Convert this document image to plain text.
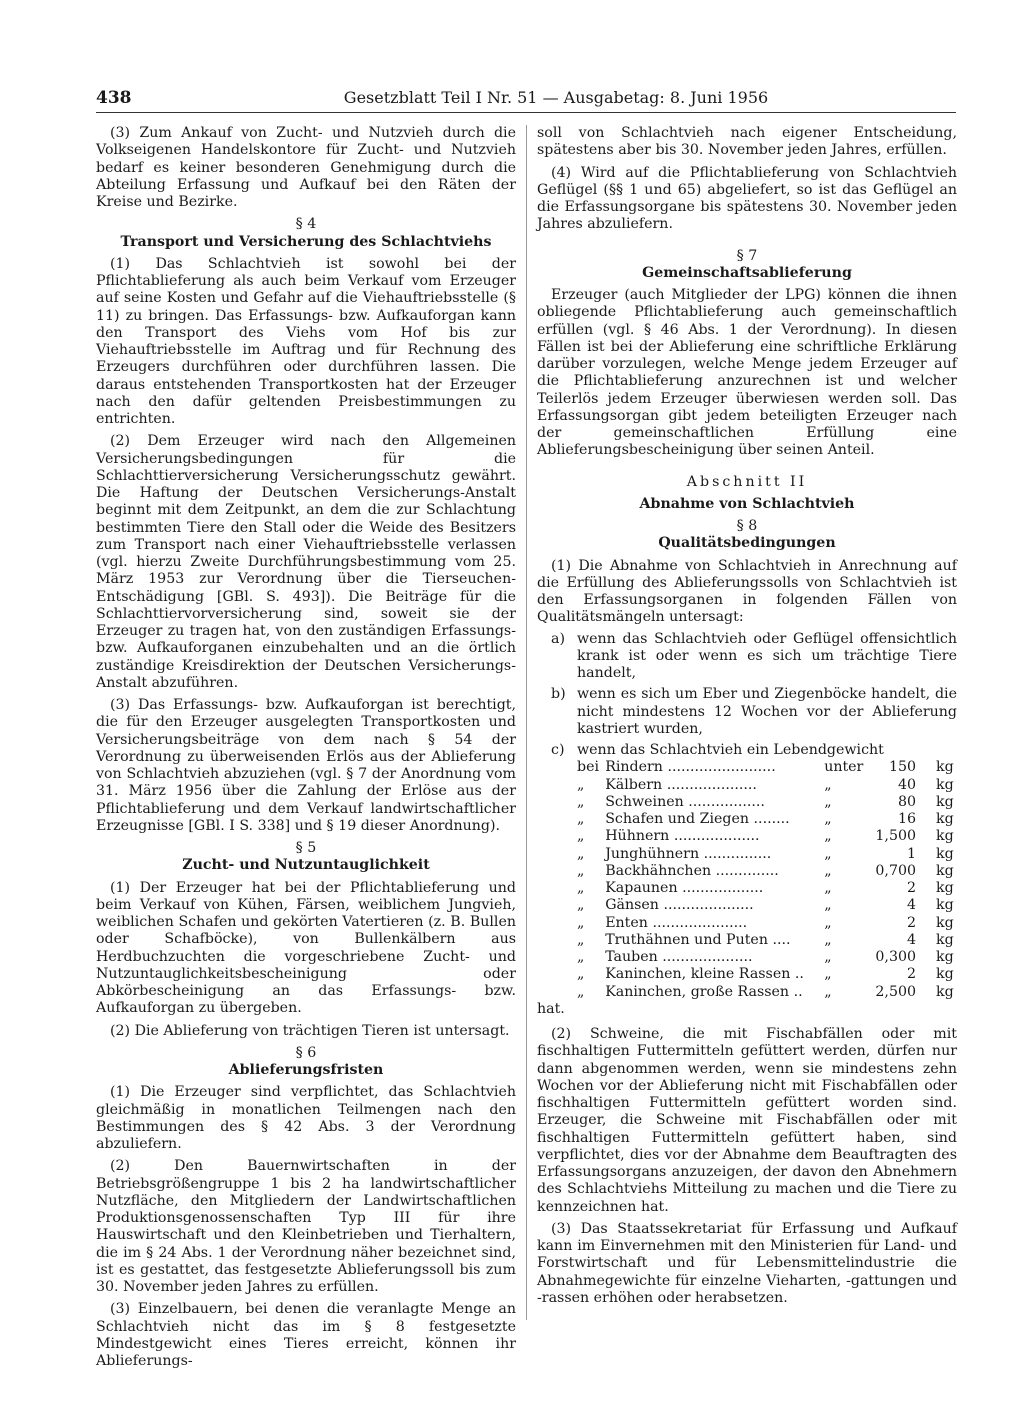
438	Gesetzblatt Teil I Nr. 51 — Ausgabetag: 8. Juni 1956

(3) Zum Ankauf von Zucht- und Nutzvieh durch die Volkseigenen Handelskontore für Zucht- und Nutzvieh bedarf es keiner besonderen Genehmigung durch die Abteilung Erfassung und Aufkauf bei den Räten der Kreise und Bezirke.

§ 4

Transport und Versicherung des Schlachtviehs

(1) Das Schlachtvieh ist sowohl bei der Pflichtablieferung als auch beim Verkauf vom Erzeuger auf seine Kosten und Gefahr auf die Viehauftriebsstelle (§ 11) zu bringen. Das Erfassungs- bzw. Aufkauforgan kann den Transport des Viehs vom Hof bis zur Viehauftriebsstelle im Auftrag und für Rechnung des Erzeugers durchführen oder durchführen lassen. Die daraus entstehenden Transportkosten hat der Erzeuger nach den dafür geltenden Preisbestimmungen zu entrichten.

(2) Dem Erzeuger wird nach den Allgemeinen Versicherungsbedingungen für die Schlachttierversicherung Versicherungsschutz gewährt. Die Haftung der Deutschen Versicherungs-Anstalt beginnt mit dem Zeitpunkt, an dem die zur Schlachtung bestimmten Tiere den Stall oder die Weide des Besitzers zum Transport nach einer Viehauftriebsstelle verlassen (vgl. hierzu Zweite Durchführungsbestimmung vom 25. März 1953 zur Verordnung über die Tierseuchen-Entschädigung [GBl. S. 493]). Die Beiträge für die Schlachttiervorversicherung sind, soweit sie der Erzeuger zu tragen hat, von den zuständigen Erfassungs- bzw. Aufkauforganen einzubehalten und an die örtlich zuständige Kreisdirektion der Deutschen Versicherungs-Anstalt abzuführen.

(3) Das Erfassungs- bzw. Aufkauforgan ist berechtigt, die für den Erzeuger ausgelegten Transportkosten und Versicherungsbeiträge von dem nach § 54 der Verordnung zu überweisenden Erlös aus der Ablieferung von Schlachtvieh abzuziehen (vgl. § 7 der Anordnung vom 31. März 1956 über die Zahlung der Erlöse aus der Pflichtablieferung und dem Verkauf landwirtschaftlicher Erzeugnisse [GBl. I S. 338] und § 19 dieser Anordnung).

§ 5

Zucht- und Nutzuntauglichkeit

(1) Der Erzeuger hat bei der Pflichtablieferung und beim Verkauf von Kühen, Färsen, weiblichem Jungvieh, weiblichen Schafen und gekörten Vatertieren (z. B. Bullen oder Schafböcke), von Bullenkälbern aus Herdbuchzuchten die vorgeschriebene Zucht- und Nutzuntauglichkeitsbescheinigung oder Abkörbescheinigung an das Erfassungs- bzw. Aufkauforgan zu übergeben.

(2) Die Ablieferung von trächtigen Tieren ist untersagt.

§ 6

Ablieferungsfristen

(1) Die Erzeuger sind verpflichtet, das Schlachtvieh gleichmäßig in monatlichen Teilmengen nach den Bestimmungen des § 42 Abs. 3 der Verordnung abzuliefern.

(2) Den Bauernwirtschaften in der Betriebsgrößengruppe 1 bis 2 ha landwirtschaftlicher Nutzfläche, den Mitgliedern der Landwirtschaftlichen Produktionsgenossenschaften Typ III für ihre Hauswirtschaft und den Kleinbetrieben und Tierhaltern, die im § 24 Abs. 1 der Verordnung näher bezeichnet sind, ist es gestattet, das festgesetzte Ablieferungssoll bis zum 30. November jeden Jahres zu erfüllen.

(3) Einzelbauern, bei denen die veranlagte Menge an Schlachtvieh nicht das im § 8 festgesetzte Mindestgewicht eines Tieres erreicht, können ihr Ablieferungs-

soll von Schlachtvieh nach eigener Entscheidung, spätestens aber bis 30. November jeden Jahres, erfüllen.

(4) Wird auf die Pflichtablieferung von Schlachtvieh Geflügel (§§ 1 und 65) abgeliefert, so ist das Geflügel an die Erfassungsorgane bis spätestens 30. November jeden Jahres abzuliefern.

§ 7

Gemeinschaftsablieferung

Erzeuger (auch Mitglieder der LPG) können die ihnen obliegende Pflichtablieferung auch gemeinschaftlich erfüllen (vgl. § 46 Abs. 1 der Verordnung). In diesen Fällen ist bei der Ablieferung eine schriftliche Erklärung darüber vorzulegen, welche Menge jedem Erzeuger auf die Pflichtablieferung anzurechnen ist und welcher Teilerlös jedem Erzeuger überwiesen werden soll. Das Erfassungsorgan gibt jedem beteiligten Erzeuger nach der gemeinschaftlichen Erfüllung eine Ablieferungsbescheinigung über seinen Anteil.

Abschnitt II

Abnahme von Schlachtvieh

§ 8

Qualitätsbedingungen

(1) Die Abnahme von Schlachtvieh in Anrechnung auf die Erfüllung des Ablieferungssolls von Schlachtvieh ist den Erfassungsorganen in folgenden Fällen von Qualitätsmängeln untersagt:

a) wenn das Schlachtvieh oder Geflügel offensichtlich krank ist oder wenn es sich um trächtige Tiere handelt,
b) wenn es sich um Eber und Ziegenböcke handelt, die nicht mindestens 12 Wochen vor der Ablieferung kastriert wurden,
c) wenn das Schlachtvieh ein Lebendgewicht
bei	Rindern ........................	unter	150	kg
„	Kälbern ....................	„	40	kg
„	Schweinen .................	„	80	kg
„	Schafen und Ziegen ........	„	16	kg
„	Hühnern ...................	„	1,500	kg
„	Junghühnern ...............	„	1	kg
„	Backhähnchen ..............	„	0,700	kg
„	Kapaunen ..................	„	2	kg
„	Gänsen ....................	„	4	kg
„	Enten .....................	„	2	kg
„	Truthähnen und Puten ....	„	4	kg
„	Tauben ....................	„	0,300	kg
„	Kaninchen, kleine Rassen ..	„	2	kg
„	Kaninchen, große Rassen ..	„	2,500	kg

hat.

(2) Schweine, die mit Fischabfällen oder mit fischhaltigen Futtermitteln gefüttert werden, dürfen nur dann abgenommen werden, wenn sie mindestens zehn Wochen vor der Ablieferung nicht mit Fischabfällen oder fischhaltigen Futtermitteln gefüttert worden sind. Erzeuger, die Schweine mit Fischabfällen oder mit fischhaltigen Futtermitteln gefüttert haben, sind verpflichtet, dies vor der Abnahme dem Beauftragten des Erfassungsorgans anzuzeigen, der davon den Abnehmern des Schlachtviehs Mitteilung zu machen und die Tiere zu kennzeichnen hat.

(3) Das Staatssekretariat für Erfassung und Aufkauf kann im Einvernehmen mit den Ministerien für Land- und Forstwirtschaft und für Lebensmittelindustrie die Abnahmegewichte für einzelne Vieharten, -gattungen und -rassen erhöhen oder herabsetzen.
